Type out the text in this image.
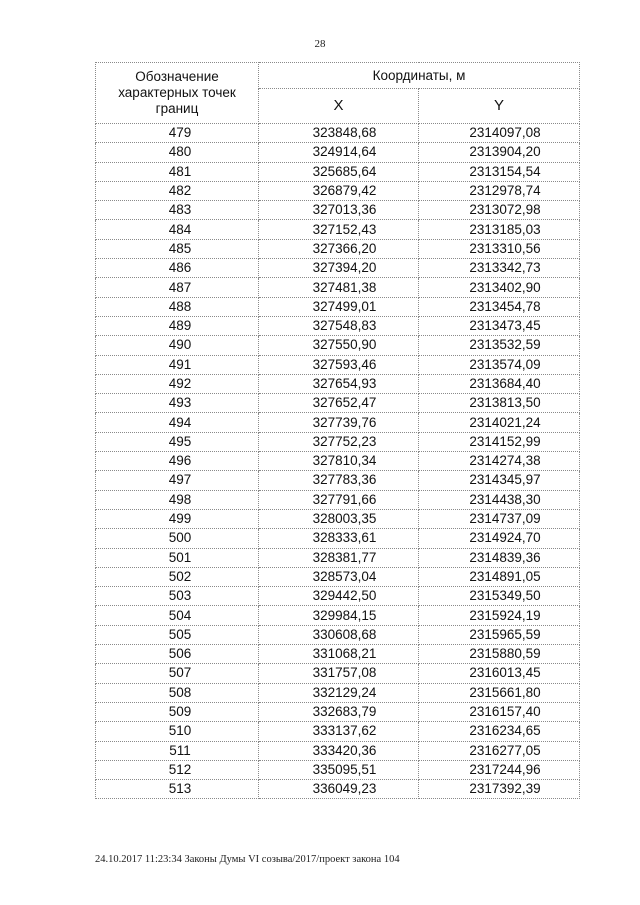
28
Обозначение характерных точек границ	Координаты, м	
	X	Y
479	323848,68	2314097,08
480	324914,64	2313904,20
481	325685,64	2313154,54
482	326879,42	2312978,74
483	327013,36	2313072,98
484	327152,43	2313185,03
485	327366,20	2313310,56
486	327394,20	2313342,73
487	327481,38	2313402,90
488	327499,01	2313454,78
489	327548,83	2313473,45
490	327550,90	2313532,59
491	327593,46	2313574,09
492	327654,93	2313684,40
493	327652,47	2313813,50
494	327739,76	2314021,24
495	327752,23	2314152,99
496	327810,34	2314274,38
497	327783,36	2314345,97
498	327791,66	2314438,30
499	328003,35	2314737,09
500	328333,61	2314924,70
501	328381,77	2314839,36
502	328573,04	2314891,05
503	329442,50	2315349,50
504	329984,15	2315924,19
505	330608,68	2315965,59
506	331068,21	2315880,59
507	331757,08	2316013,45
508	332129,24	2315661,80
509	332683,79	2316157,40
510	333137,62	2316234,65
511	333420,36	2316277,05
512	335095,51	2317244,96
513	336049,23	2317392,39
24.10.2017 11:23:34 Законы Думы VI созыва/2017/проект закона 104
